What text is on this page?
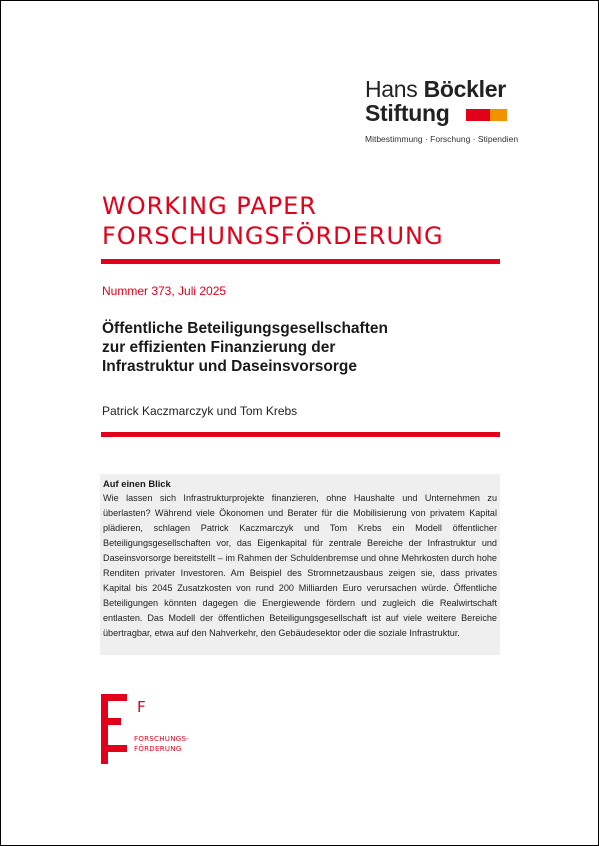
Hans Böckler
Stiftung
Mitbestimmung · Forschung · Stipendien
WORKING PAPER
FORSCHUNGSFÖRDERUNG
Nummer 373, Juli 2025
Öffentliche Beteiligungsgesellschaften
zur effizienten Finanzierung der
Infrastruktur und Daseinsvorsorge
Patrick Kaczmarczyk und Tom Krebs
Auf einen Blick

Wie lassen sich Infrastrukturprojekte finanzieren, ohne Haushalte und Unternehmen zu überlasten? Während viele Ökonomen und Berater für die Mobilisierung von privatem Kapital plädieren, schlagen Patrick Kaczmarczyk und Tom Krebs ein Modell öffentlicher Beteiligungsgesellschaften vor, das Eigenkapital für zentrale Bereiche der Infrastruktur und Daseinsvorsorge bereitstellt – im Rahmen der Schuldenbremse und ohne Mehrkosten durch hohe Renditen privater Investoren. Am Beispiel des Stromnetzausbaus zeigen sie, dass privates Kapital bis 2045 Zusatzkosten von rund 200 Milliarden Euro verursachen würde. Öffentliche Beteiligungen könnten dagegen die Energiewende fördern und zugleich die Realwirtschaft entlasten. Das Modell der öffentlichen Beteiligungsgesellschaft ist auf viele weitere Bereiche übertragbar, etwa auf den Nahverkehr, den Gebäudesektor oder die soziale Infrastruktur.

F
FORSCHUNGS-
FÖRDERUNG
